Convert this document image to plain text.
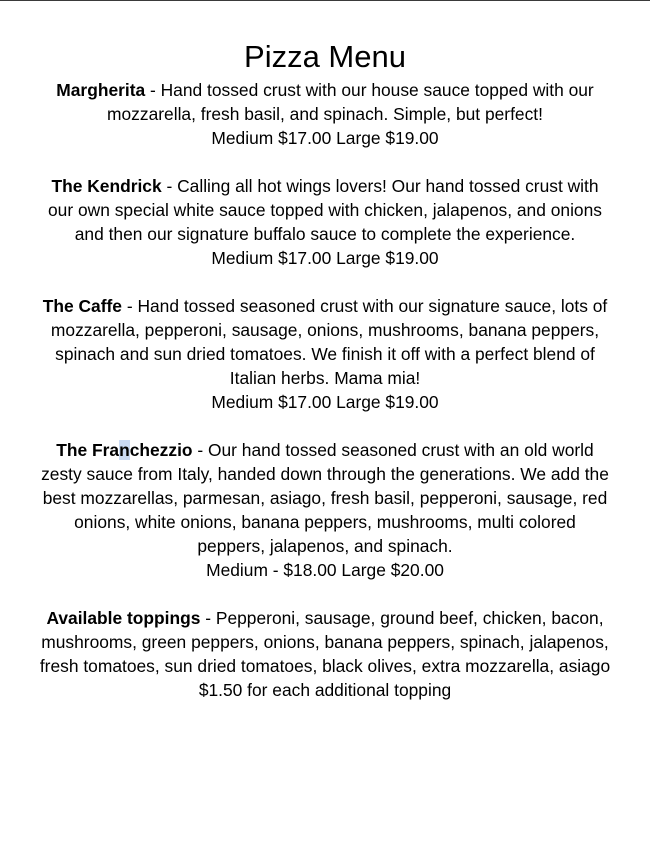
Pizza Menu

Margherita - Hand tossed crust with our house sauce topped with our mozzarella, fresh basil, and spinach. Simple, but perfect!
Medium $17.00 Large $19.00

The Kendrick - Calling all hot wings lovers! Our hand tossed crust with our own special white sauce topped with chicken, jalapenos, and onions and then our signature buffalo sauce to complete the experience.
Medium $17.00 Large $19.00

The Caffe - Hand tossed seasoned crust with our signature sauce, lots of mozzarella, pepperoni, sausage, onions, mushrooms, banana peppers, spinach and sun dried tomatoes. We finish it off with a perfect blend of Italian herbs. Mama mia!
Medium $17.00 Large $19.00

The Franchezzio - Our hand tossed seasoned crust with an old world zesty sauce from Italy, handed down through the generations. We add the best mozzarellas, parmesan, asiago, fresh basil, pepperoni, sausage, red onions, white onions, banana peppers, mushrooms, multi colored peppers, jalapenos, and spinach.
Medium - $18.00 Large $20.00

Available toppings - Pepperoni, sausage, ground beef, chicken, bacon, mushrooms, green peppers, onions, banana peppers, spinach, jalapenos, fresh tomatoes, sun dried tomatoes, black olives, extra mozzarella, asiago
$1.50 for each additional topping
